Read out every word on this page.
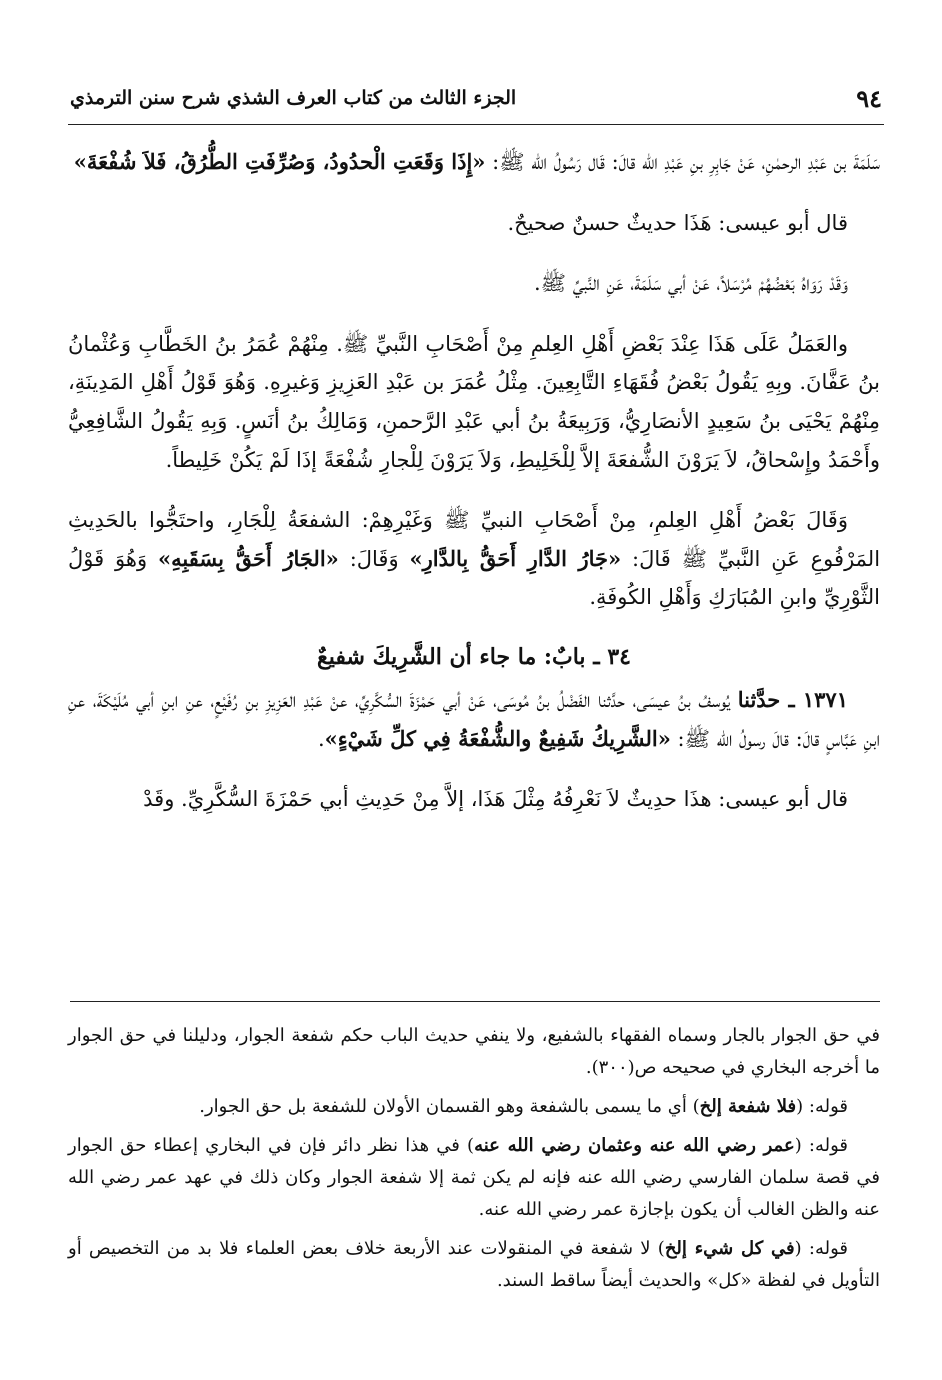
٩٤
الجزء الثالث من كتاب العرف الشذي شرح سنن الترمذي

سَلَمَةَ بن عَبْدِ الرحمٰنِ، عَنْ جَابِرِ بنِ عَبْدِ الله قالَ: قَال رَسُولُ الله ﷺ: «إِذَا وَقَعَتِ الْحدُودُ، وَصُرِّفَتِ الطُّرُقُ، فَلاَ شُفْعَةَ»

قال أبو عيسى: هَذَا حديثٌ حسنٌ صحيحٌ.

وَقَدْ رَوَاهُ بَعْضُهُمْ مُرْسَلاً، عَنْ أبي سَلَمَةَ، عَنِ النَّبيِّ ﷺ.

والعَمَلُ عَلَى هَذَا عِنْدَ بَعْضِ أَهْلِ العِلمِ مِنْ أَصْحَابِ النَّبيِّ ﷺ. مِنْهُمْ عُمَرُ بنُ الخَطَّابِ وَعُثْمانُ بنُ عَفَّانَ. وبِهِ يَقُولُ بَعْضُ فُقَهَاءِ التَّابِعِينَ. مِثْلُ عُمَرَ بن عَبْدِ العَزِيزِ وَغيرِهِ. وَهُوَ قَوْلُ أَهْلِ المَدِينَةِ، مِنْهُمْ يَحْيَى بنُ سَعِيدٍ الأنصَارِيُّ، وَرَبِيعَةُ بنُ أبي عَبْدِ الرَّحمنِ، وَمَالِكُ بنُ أنَسٍ. وَبِهِ يَقُولُ الشَّافِعِيُّ وأَحْمَدُ وإِسْحاقُ، لاَ يَرَوْنَ الشُّفعَةَ إلاَّ لِلْخَلِيطِ، وَلاَ يَرَوْنَ لِلْجارِ شُفْعَةً إذَا لَمْ يَكُنْ خَلِيطاً.

وَقَالَ بَعْضُ أَهْلِ العِلمِ، مِنْ أَصْحَابِ النبيِّ ﷺ وَغَيْرِهِمْ: الشفعَةُ لِلْجَارِ، واحتَجُّوا بالحَدِيثِ المَرْفُوعِ عَنِ النَّبيِّ ﷺ قَالَ: «جَارُ الدَّارِ أَحَقُّ بِالدَّارِ» وَقَالَ: «الجَارُ أَحَقُّ بِسَقَبِهِ» وَهُوَ قَوْلُ الثَّوْرِيِّ وابنِ المُبَارَكِ وَأَهْلِ الكُوفَةِ.

٣٤ ـ بابٌ: ما جاء أن الشَّرِيكَ شفيعٌ

١٣٧١ ـ حدَّثنا يُوسفُ بنُ عيسَى، حدَّثنا الفَضْلُ بنُ مُوسَى، عَنْ أبي حَمْزَةَ السُّكَّرِيِّ، عنْ عَبْدِ العَزِيزِ بنِ رُفَيْعٍ، عنِ ابنِ أبي مُلَيْكَةَ، عنِ ابنِ عَبَّاسٍ قالَ: قالَ رسولُ الله ﷺ: «الشَّرِيكُ شَفِيعٌ والشُّفْعَةُ فِي كلِّ شَيْءٍ».

قال أبو عيسى: هذَا حدِيثٌ لاَ نَعْرِفُهُ مِثْلَ هَذَا، إلاَّ مِنْ حَدِيثِ أبي حَمْزَةَ السُّكَّرِيِّ. وقَدْ

في حق الجوار بالجار وسماه الفقهاء بالشفيع، ولا ينفي حديث الباب حكم شفعة الجوار، ودليلنا في حق الجوار ما أخرجه البخاري في صحيحه ص(٣٠٠).

قوله: (فلا شفعة إلخ) أي ما يسمى بالشفعة وهو القسمان الأولان للشفعة بل حق الجوار.

قوله: (عمر رضي الله عنه وعثمان رضي الله عنه) في هذا نظر دائر فإن في البخاري إعطاء حق الجوار في قصة سلمان الفارسي رضي الله عنه فإنه لم يكن ثمة إلا شفعة الجوار وكان ذلك في عهد عمر رضي الله عنه والظن الغالب أن يكون بإجازة عمر رضي الله عنه.

قوله: (في كل شيء إلخ) لا شفعة في المنقولات عند الأربعة خلاف بعض العلماء فلا بد من التخصيص أو التأويل في لفظة «كل» والحديث أيضاً ساقط السند.
